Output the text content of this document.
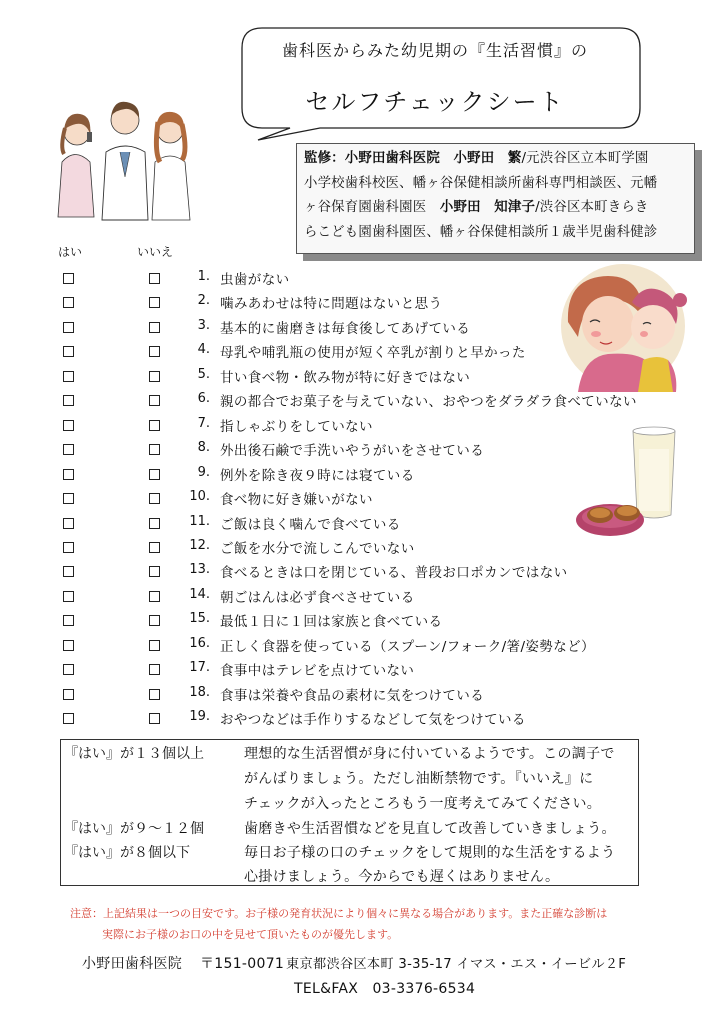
歯科医からみた幼児期の『生活習慣』の
セルフチェックシート
監修：小野田歯科医院　 小野田　繁/元渋谷区立本町学園
小学校歯科校医、幡ヶ谷保健相談所歯科専門相談医、元幡
ヶ谷保育園歯科園医　 小野田　知津子/渋谷区本町きらき
らこども園歯科園医、幡ヶ谷保健相談所１歳半児歯科健診
はい	いいえ
1. 虫歯がない
2. 噛みあわせは特に問題はないと思う
3. 基本的に歯磨きは毎食後してあげている
4. 母乳や哺乳瓶の使用が短く卒乳が割りと早かった
5. 甘い食べ物・飲み物が特に好きではない
6. 親の都合でお菓子を与えていない、おやつをダラダラ食べていない
7. 指しゃぶりをしていない
8. 外出後石鹸で手洗いやうがいをさせている
9. 例外を除き夜９時には寝ている
10. 食べ物に好き嫌いがない
11. ご飯は良く噛んで食べている
12. ご飯を水分で流しこんでいない
13. 食べるときは口を閉じている、普段お口ポカンではない
14. 朝ごはんは必ず食べさせている
15. 最低１日に１回は家族と食べている
16. 正しく食器を使っている（スプーン/フォーク/箸/姿勢など）
17. 食事中はテレビを点けていない
18. 食事は栄養や食品の素材に気をつけている
19. おやつなどは手作りするなどして気をつけている
『はい』が１３個以上	理想的な生活習慣が身に付いているようです。この調子で
がんばりましょう。ただし油断禁物です。『いいえ』に
チェックが入ったところもう一度考えてみてください。
『はい』が９～１２個	歯磨きや生活習慣などを見直して改善していきましょう。
『はい』が８個以下	毎日お子様の口のチェックをして規則的な生活をするよう
心掛けましょう。今からでも遅くはありません。
注意：上記結果は一つの目安です。お子様の発育状況により個々に異なる場合があります。また正確な診断は
実際にお子様のお口の中を見せて頂いたものが優先します。
小野田歯科医院 〒151-0071 東京都渋谷区本町 3-35-17 イマス・エス・イービル２F
TEL&FAX　03-3376-6534
